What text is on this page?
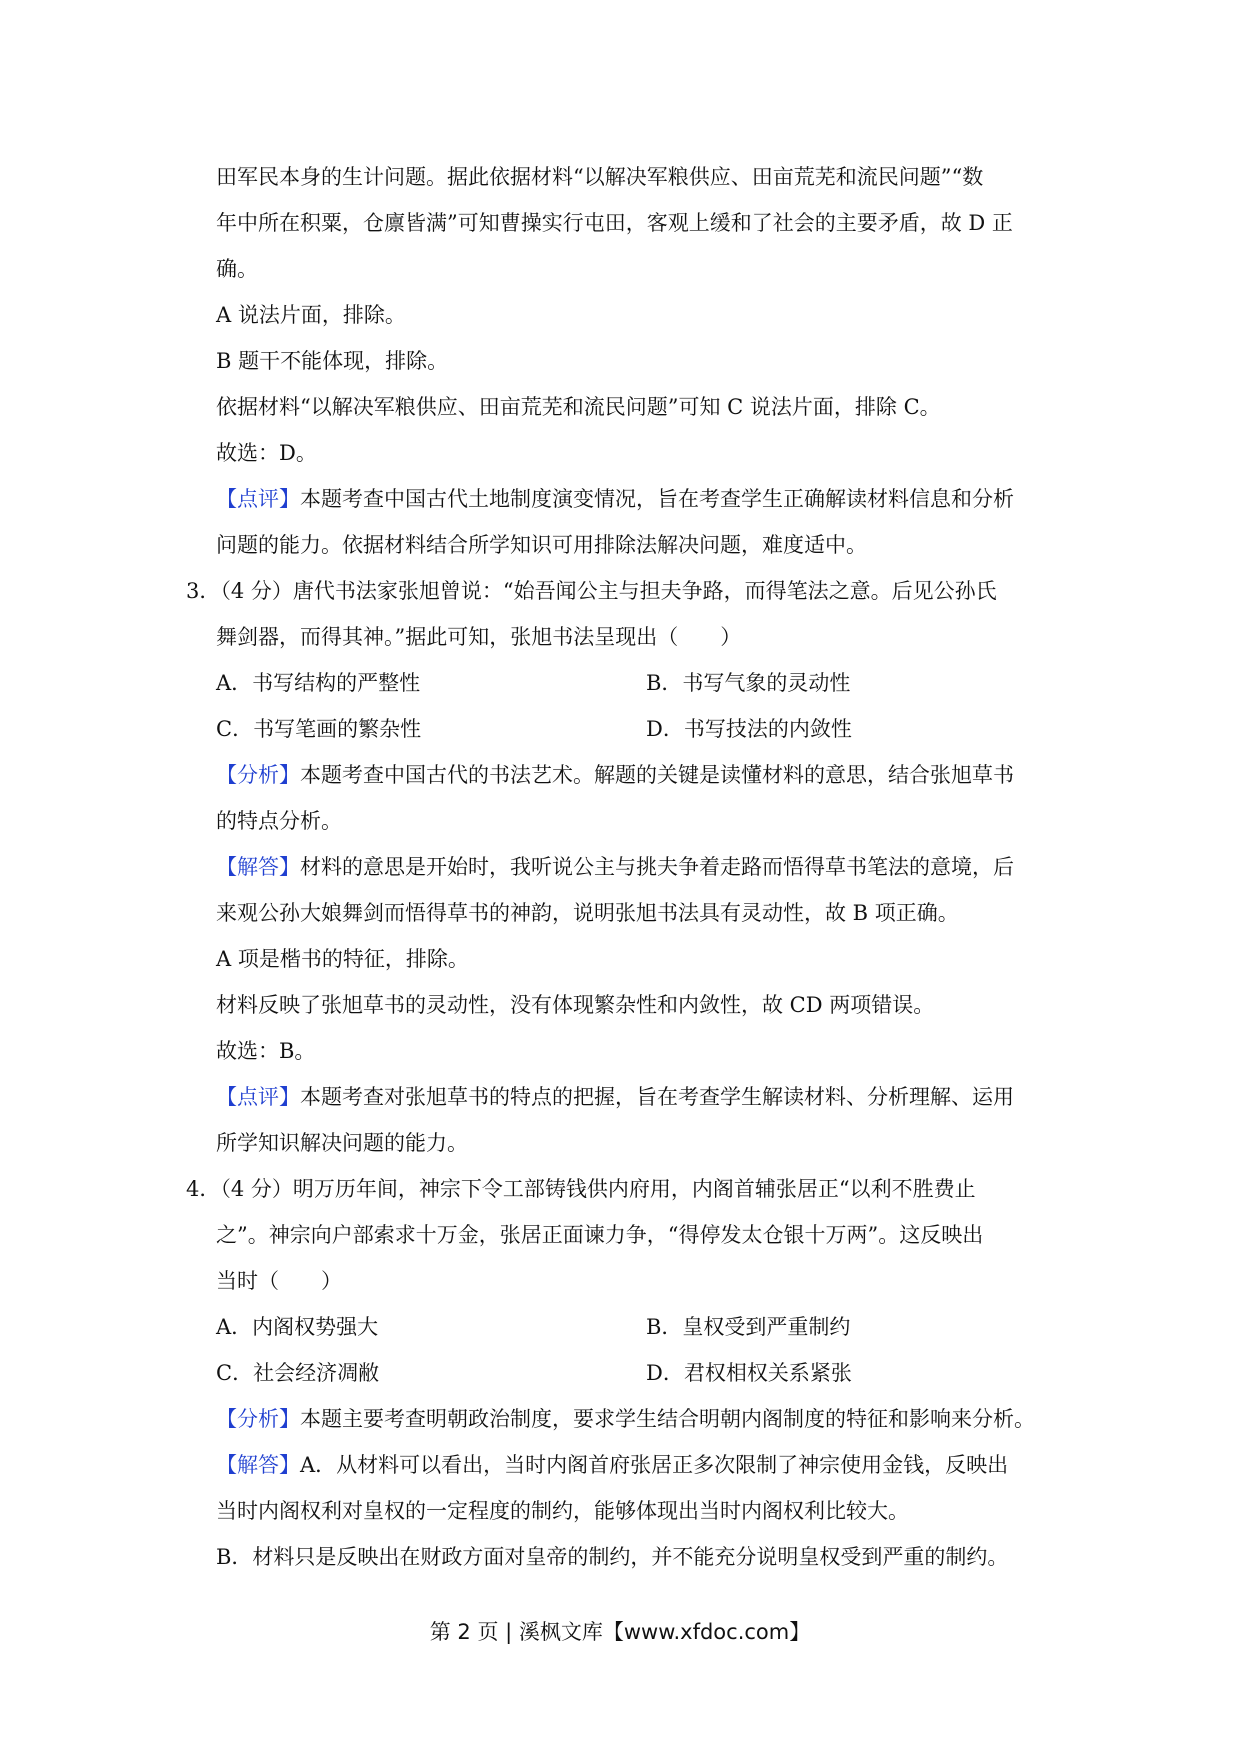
田军民本身的生计问题。据此依据材料“以解决军粮供应、田亩荒芜和流民问题”“数
年中所在积粟，仓廪皆满”可知曹操实行屯田，客观上缓和了社会的主要矛盾，故 D 正
确。
A 说法片面，排除。
B 题干不能体现，排除。
依据材料“以解决军粮供应、田亩荒芜和流民问题”可知 C 说法片面，排除 C。
故选：D。
【点评】本题考查中国古代土地制度演变情况，旨在考查学生正确解读材料信息和分析
问题的能力。依据材料结合所学知识可用排除法解决问题，难度适中。
3．（4 分）唐代书法家张旭曾说：“始吾闻公主与担夫争路，而得笔法之意。后见公孙氏
舞剑器，而得其神。”据此可知，张旭书法呈现出（　　）
A．书写结构的严整性	B．书写气象的灵动性
C．书写笔画的繁杂性	D．书写技法的内敛性
【分析】本题考查中国古代的书法艺术。解题的关键是读懂材料的意思，结合张旭草书
的特点分析。
【解答】材料的意思是开始时，我听说公主与挑夫争着走路而悟得草书笔法的意境，后
来观公孙大娘舞剑而悟得草书的神韵，说明张旭书法具有灵动性，故 B 项正确。
A 项是楷书的特征，排除。
材料反映了张旭草书的灵动性，没有体现繁杂性和内敛性，故 CD 两项错误。
故选：B。
【点评】本题考查对张旭草书的特点的把握，旨在考查学生解读材料、分析理解、运用
所学知识解决问题的能力。
4．（4 分）明万历年间，神宗下令工部铸钱供内府用，内阁首辅张居正“以利不胜费止
之”。神宗向户部索求十万金，张居正面谏力争，“得停发太仓银十万两”。这反映出
当时（　　）
A．内阁权势强大	B．皇权受到严重制约
C．社会经济凋敝	D．君权相权关系紧张
【分析】本题主要考查明朝政治制度，要求学生结合明朝内阁制度的特征和影响来分析。
【解答】A．从材料可以看出，当时内阁首府张居正多次限制了神宗使用金钱，反映出
当时内阁权利对皇权的一定程度的制约，能够体现出当时内阁权利比较大。
B．材料只是反映出在财政方面对皇帝的制约，并不能充分说明皇权受到严重的制约。
第 2 页 | 溪枫文库【www.xfdoc.com】
